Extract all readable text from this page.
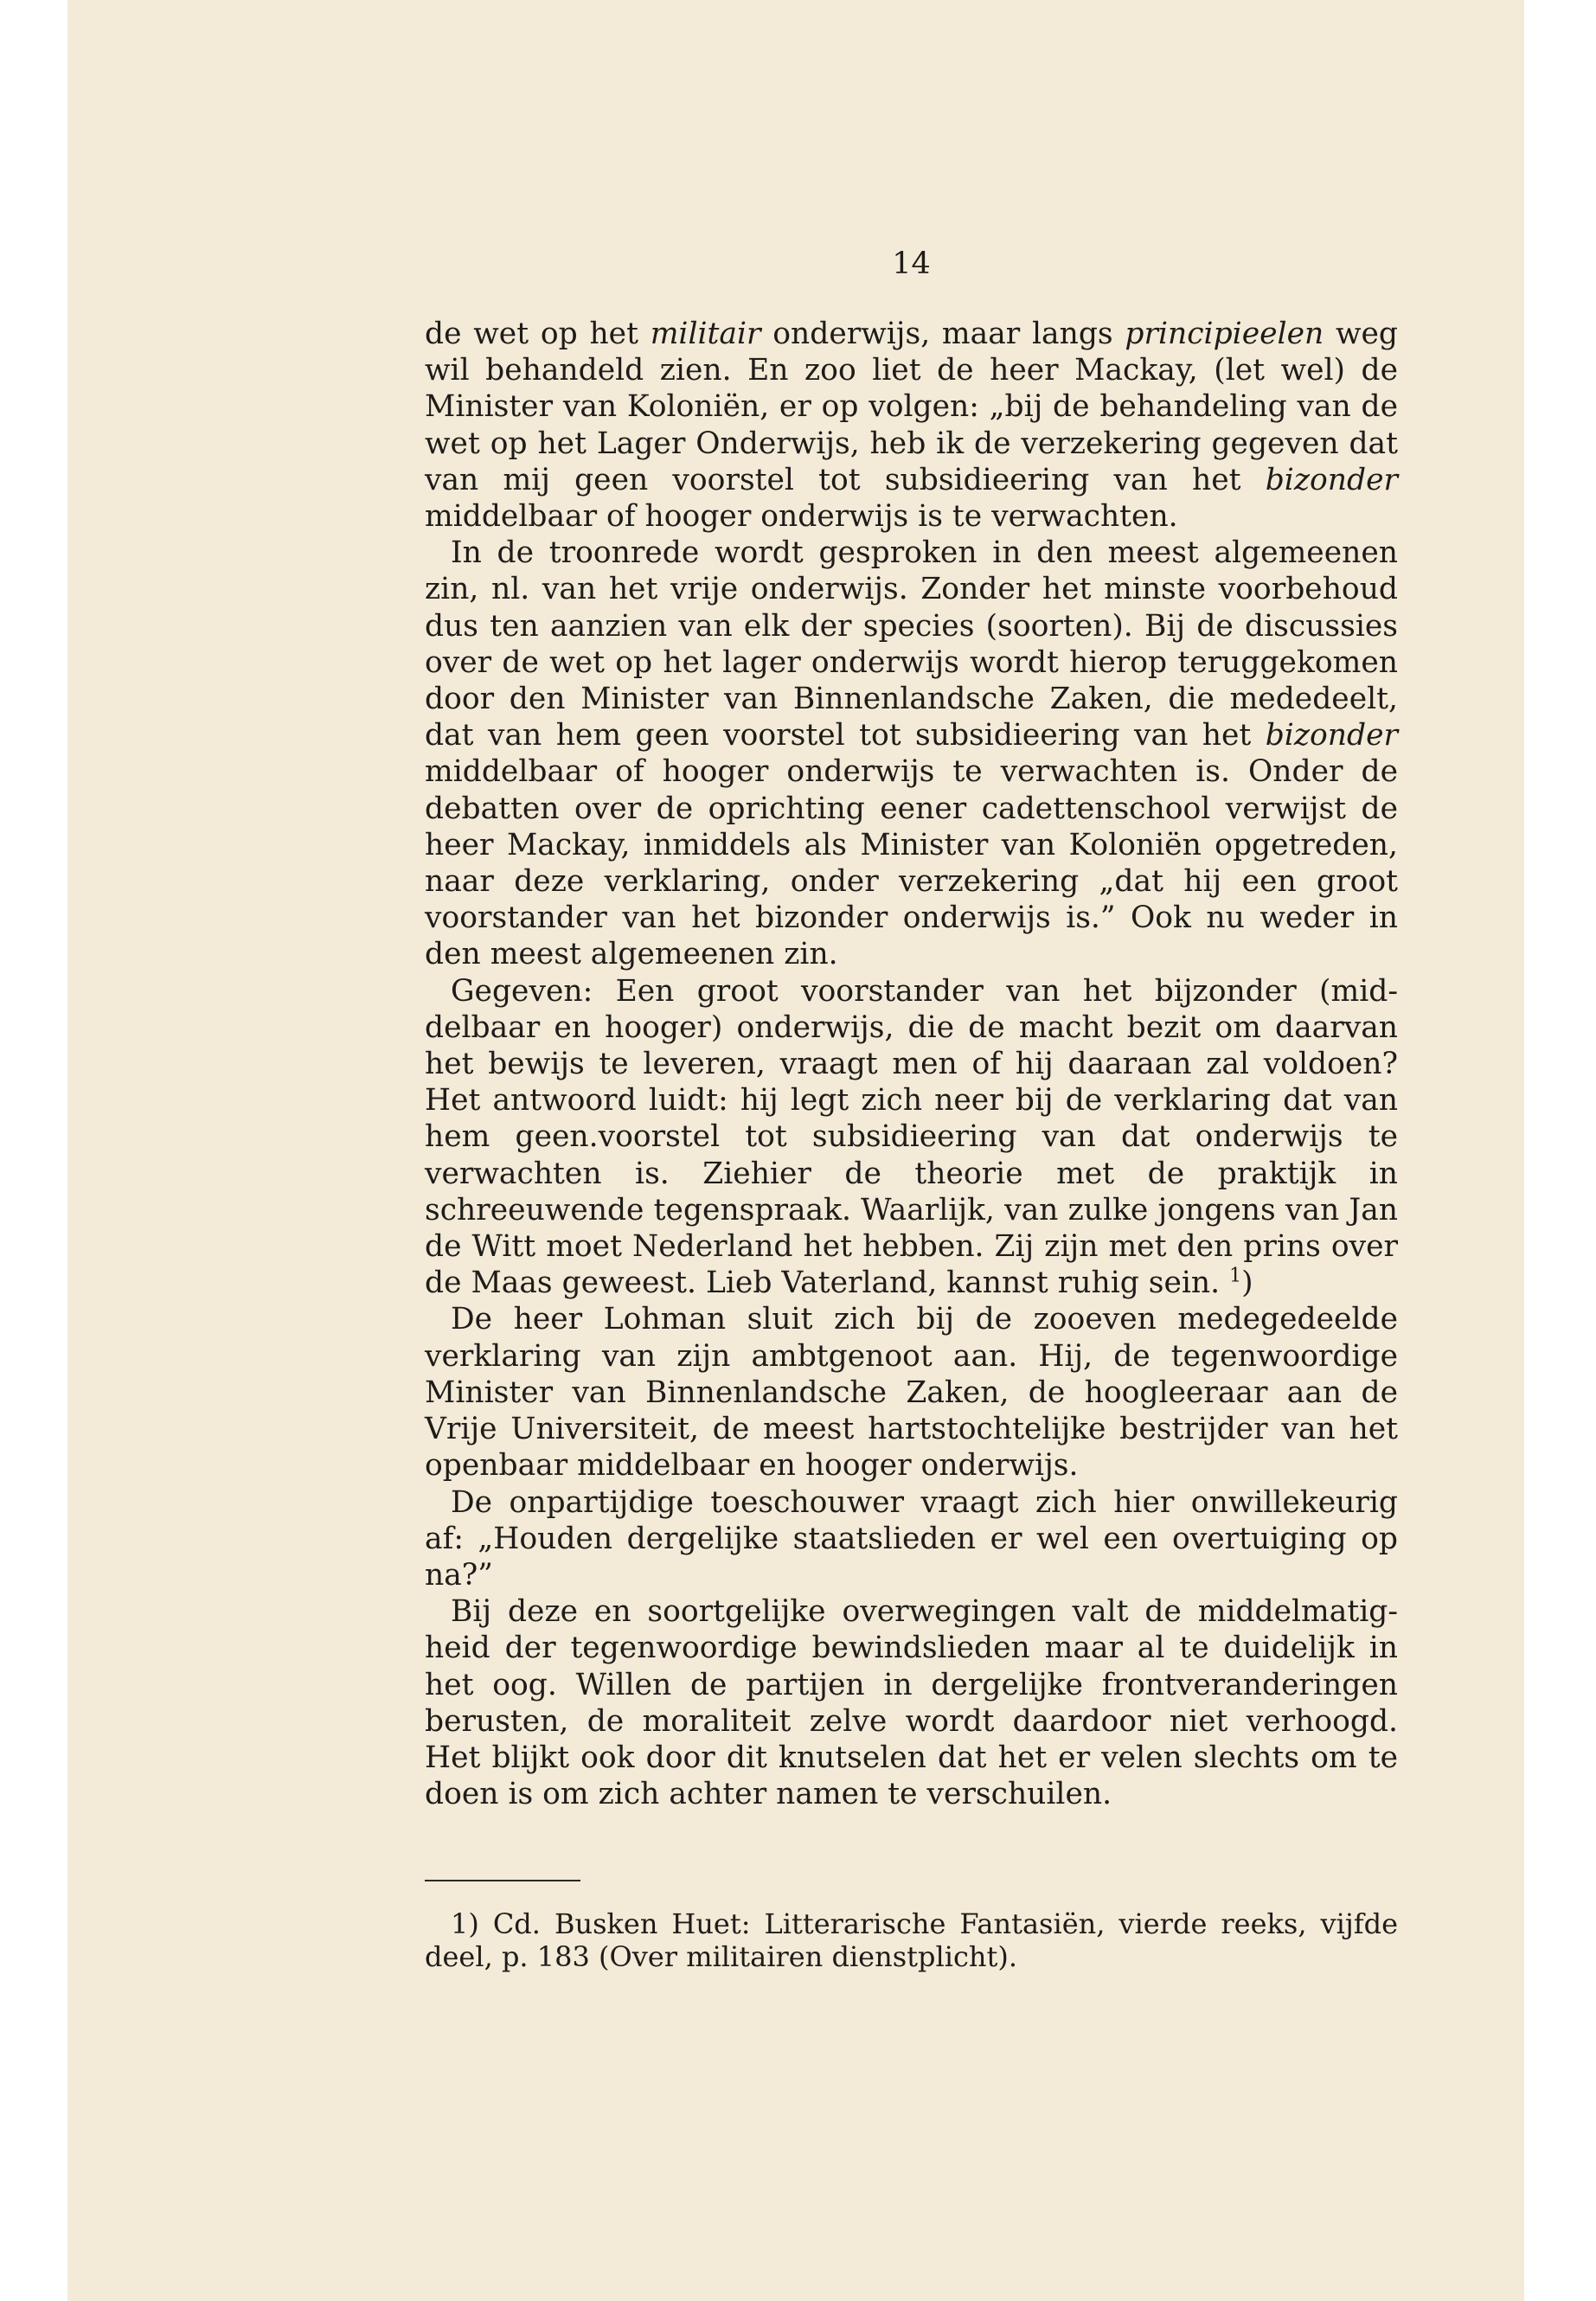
14

de wet op het militair onderwijs, maar langs principieelen weg wil behandeld zien. En zoo liet de heer Mackay, (let wel) de Minister van Koloniën, er op volgen: „bij de behandeling van de wet op het Lager Onderwijs, heb ik de verzekering gegeven dat van mij geen voorstel tot subsidieering van het bizonder middelbaar of hooger onderwijs is te verwachten.

In de troonrede wordt gesproken in den meest algemeenen zin, nl. van het vrije onderwijs. Zonder het minste voorbehoud dus ten aanzien van elk der species (soorten). Bij de discussies over de wet op het lager onderwijs wordt hierop teruggekomen door den Minister van Binnenlandsche Zaken, die mededeelt, dat van hem geen voorstel tot subsidieering van het bizonder middelbaar of hooger onderwijs te verwachten is. Onder de debatten over de oprichting eener cadettenschool verwijst de heer Mackay, inmiddels als Minister van Koloniën opgetreden, naar deze verklaring, onder verzekering „dat hij een groot voorstander van het bizonder onderwijs is.” Ook nu weder in den meest algemeenen zin.

Gegeven: Een groot voorstander van het bijzonder (middelbaar en hooger) onderwijs, die de macht bezit om daarvan het bewijs te leveren, vraagt men of hij daaraan zal voldoen? Het antwoord luidt: hij legt zich neer bij de verklaring dat van hem geen.voorstel tot subsidieering van dat onderwijs te verwachten is. Ziehier de theorie met de praktijk in schreeuwende tegenspraak. Waarlijk, van zulke jongens van Jan de Witt moet Nederland het hebben. Zij zijn met den prins over de Maas geweest. Lieb Vaterland, kannst ruhig sein. $^1$)

De heer Lohman sluit zich bij de zooeven medegedeelde verklaring van zijn ambtgenoot aan. Hij, de tegenwoordige Minister van Binnenlandsche Zaken, de hoogleeraar aan de Vrije Universiteit, de meest hartstochtelijke bestrijder van het openbaar middelbaar en hooger onderwijs.

De onpartijdige toeschouwer vraagt zich hier onwillekeurig af: „Houden dergelijke staatslieden er wel een overtuiging op na?”

Bij deze en soortgelijke overwegingen valt de middelmatigheid der tegenwoordige bewindslieden maar al te duidelijk in het oog. Willen de partijen in dergelijke frontveranderingen berusten, de moraliteit zelve wordt daardoor niet verhoogd. Het blijkt ook door dit knutselen dat het er velen slechts om te doen is om zich achter namen te verschuilen.

1) Cd. Busken Huet: Litterarische Fantasiën, vierde reeks, vijfde deel, p. 183 (Over militairen dienstplicht).
